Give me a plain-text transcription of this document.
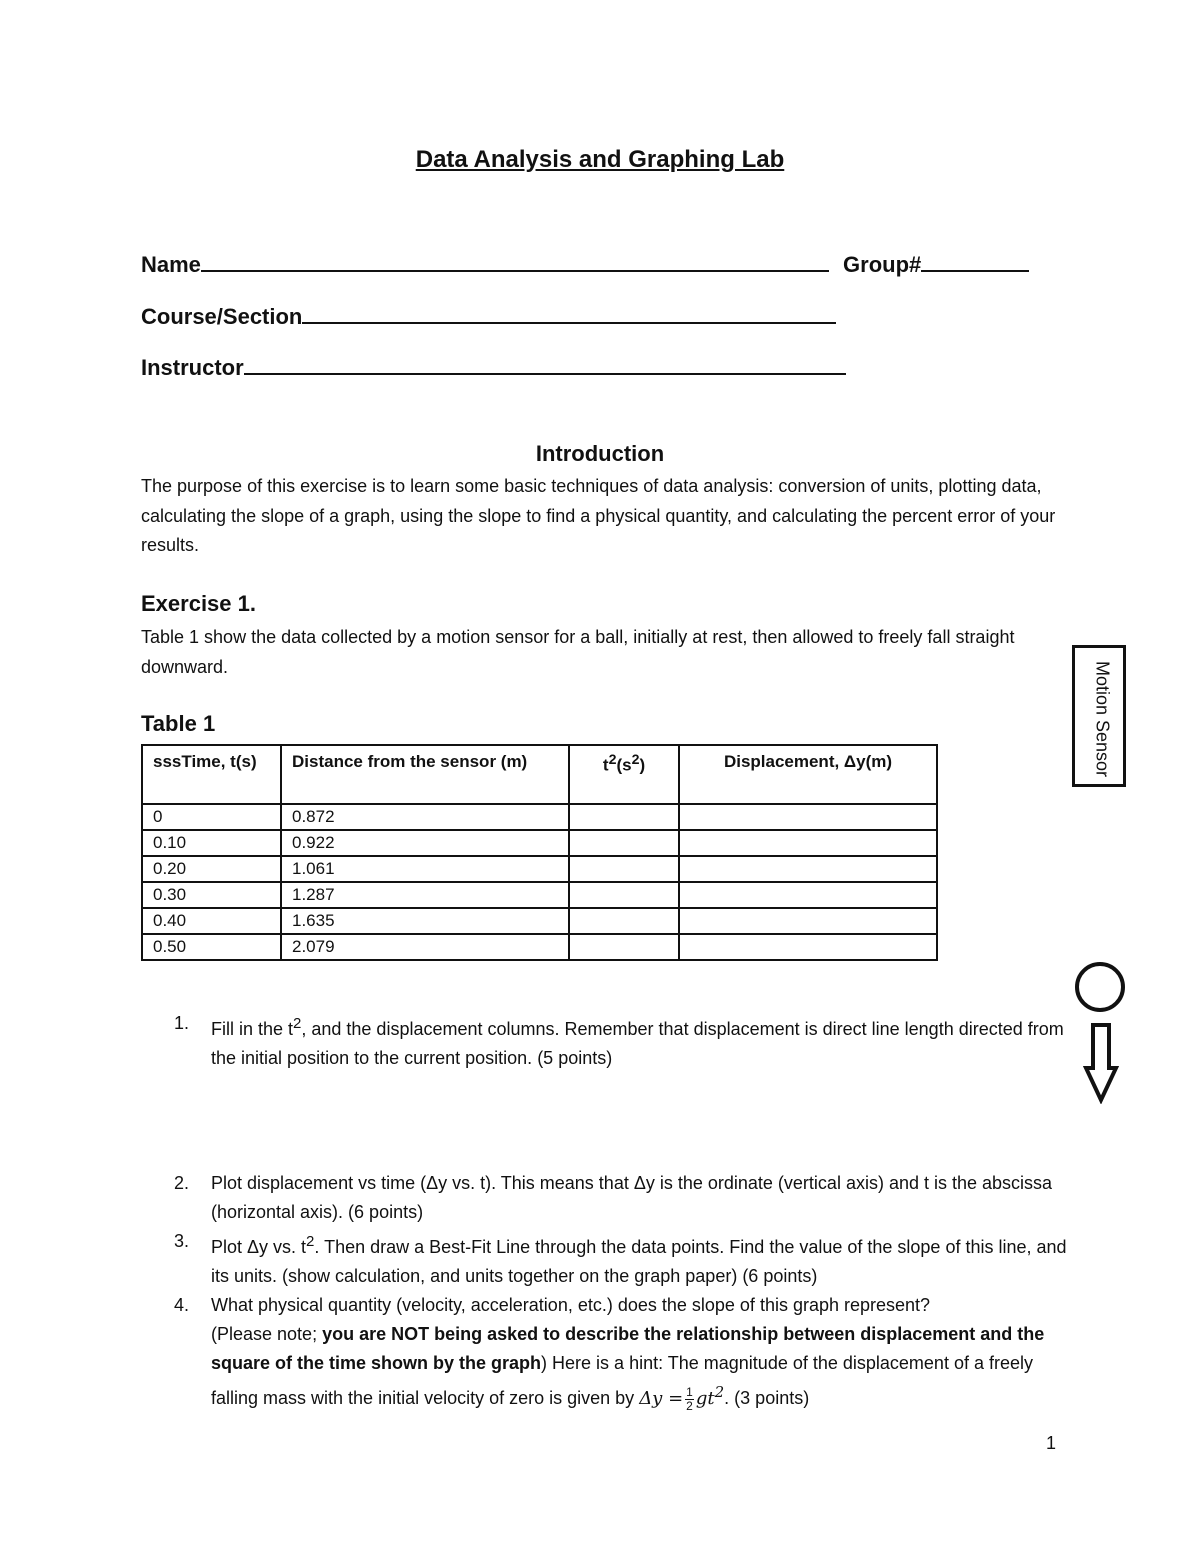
Data Analysis and Graphing Lab
Name	Group#
Course/Section
Instructor
Introduction
The purpose of this exercise is to learn some basic techniques of data analysis: conversion of units, plotting data, calculating the slope of a graph, using the slope to find a physical quantity, and calculating the percent error of your results.
Exercise 1.
Table 1 show the data collected by a motion sensor for a ball, initially at rest, then allowed to freely fall straight downward.
Table 1
sssTime, t(s)	Distance from the sensor (m)	$t^2(s^2)$	Displacement, Δy(m)
0	0.872		
0.10	0.922		
0.20	1.061		
0.30	1.287		
0.40	1.635		
0.50	2.079		
Motion Sensor
1. Fill in the $t^2$, and the displacement columns. Remember that displacement is direct line length directed from the initial position to the current position. (5 points)
2. Plot displacement vs time (Δy vs. t). This means that Δy is the ordinate (vertical axis) and t is the abscissa (horizontal axis). (6 points)
3. Plot Δy vs. $t^2$. Then draw a Best-Fit Line through the data points. Find the value of the slope of this line, and its units. (show calculation, and units together on the graph paper) (6 points)
4. What physical quantity (velocity, acceleration, etc.) does the slope of this graph represent?
(Please note; you are NOT being asked to describe the relationship between displacement and the square of the time shown by the graph) Here is a hint: The magnitude of the displacement of a freely falling mass with the initial velocity of zero is given by $\Delta y = \frac{1}{2} gt^2$. (3 points)
1
